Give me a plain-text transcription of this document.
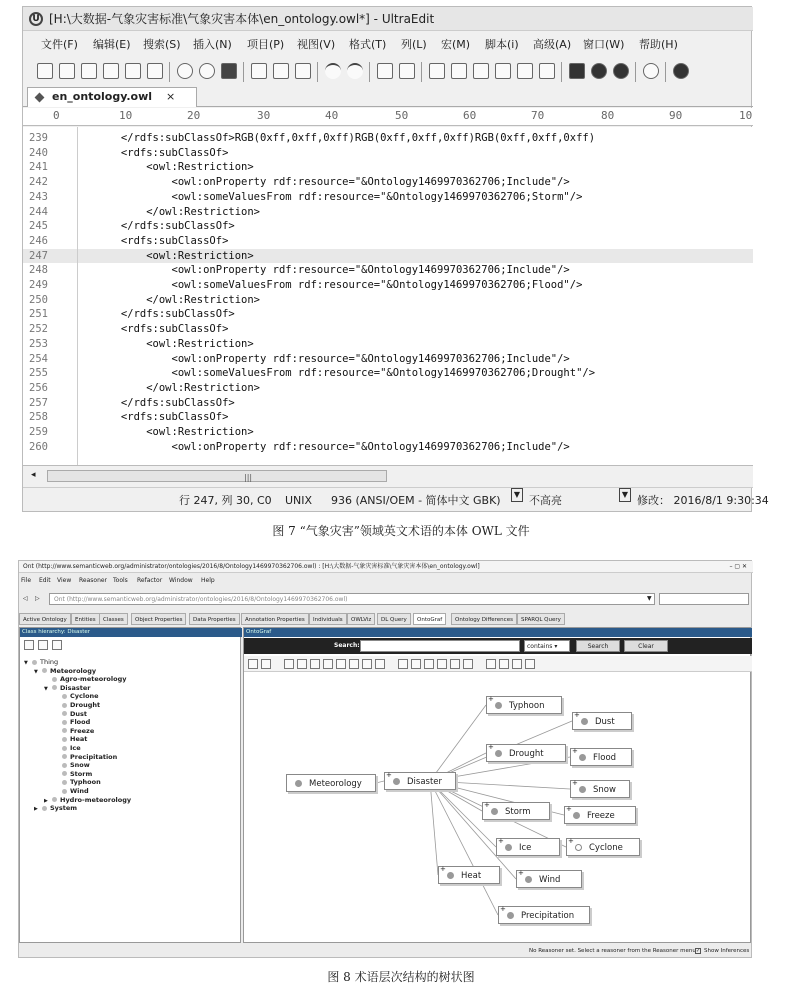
U [H:\大数据-气象灾害标准\气象灾害本体\en_ontology.owl*] - UltraEdit
文件(F) 编辑(E) 搜索(S) 插入(N) 项目(P) 视图(V) 格式(T) 列(L) 宏(M) 脚本(i) 高级(A) 窗口(W) 帮助(H)
en_ontology.owl ×
0	10	20	30	40	50	60	70	80	90	10
239	</rdfs:subClassOf>RGB(0xff,0xff,0xff)RGB(0xff,0xff,0xff)RGB(0xff,0xff,0xff)
240	<rdfs:subClassOf>
241	<owl:Restriction>
242	<owl:onProperty rdf:resource="&Ontology1469970362706;Include"/>
243	<owl:someValuesFrom rdf:resource="&Ontology1469970362706;Storm"/>
244	</owl:Restriction>
245	</rdfs:subClassOf>
246	<rdfs:subClassOf>
247	<owl:Restriction>
248	<owl:onProperty rdf:resource="&Ontology1469970362706;Include"/>
249	<owl:someValuesFrom rdf:resource="&Ontology1469970362706;Flood"/>
250	</owl:Restriction>
251	</rdfs:subClassOf>
252	<rdfs:subClassOf>
253	<owl:Restriction>
254	<owl:onProperty rdf:resource="&Ontology1469970362706;Include"/>
255	<owl:someValuesFrom rdf:resource="&Ontology1469970362706;Drought"/>
256	</owl:Restriction>
257	</rdfs:subClassOf>
258	<rdfs:subClassOf>
259	<owl:Restriction>
260	<owl:onProperty rdf:resource="&Ontology1469970362706;Include"/>
◂	|||
行 247, 列 30, C0 UNIX 936 (ANSI/OEM - 简体中文 GBK)	▼ 不高亮	▼ 修改： 2016/8/1 9:30:34
图 7 “气象灾害”领域英文术语的本体 OWL 文件
Ont (http://www.semanticweb.org/administrator/ontologies/2016/8/Ontology1469970362706.owl) : [H:\大数据-气象灾害标准\气象灾害本体\en_ontology.owl]	– ▢ ✕
File Edit View Reasoner Tools Refactor Window Help
◁ ▷ Ont (http://www.semanticweb.org/administrator/ontologies/2016/8/Ontology1469970362706.owl)	▼
Active Ontology	Entities	Classes	Object Properties	Data Properties	Annotation Properties	Individuals	OWLViz	DL Query	OntoGraf	Ontology Differences	SPARQL Query
Class hierarchy: Disaster
▼ Thing
▼ Meteorology
Agro-meteorology
▼ Disaster
Cyclone
Drought
Dust
Flood
Freeze
Heat
Ice
Precipitation
Snow
Storm
Typhoon
Wind
▶ Hydro-meteorology
▶ System
OntoGraf
Search:	contains ▾	Search	Clear
Meteorology
+
Disaster
+
Typhoon
+
Dust
+
Drought	+
Flood
+
Snow
+
Storm	+
Freeze
+
Ice
+
Cyclone
+
Heat	+
Wind
+
Precipitation
No Reasoner set. Select a reasoner from the Reasoner menu ✓ Show Inferences
图 8 术语层次结构的树状图
